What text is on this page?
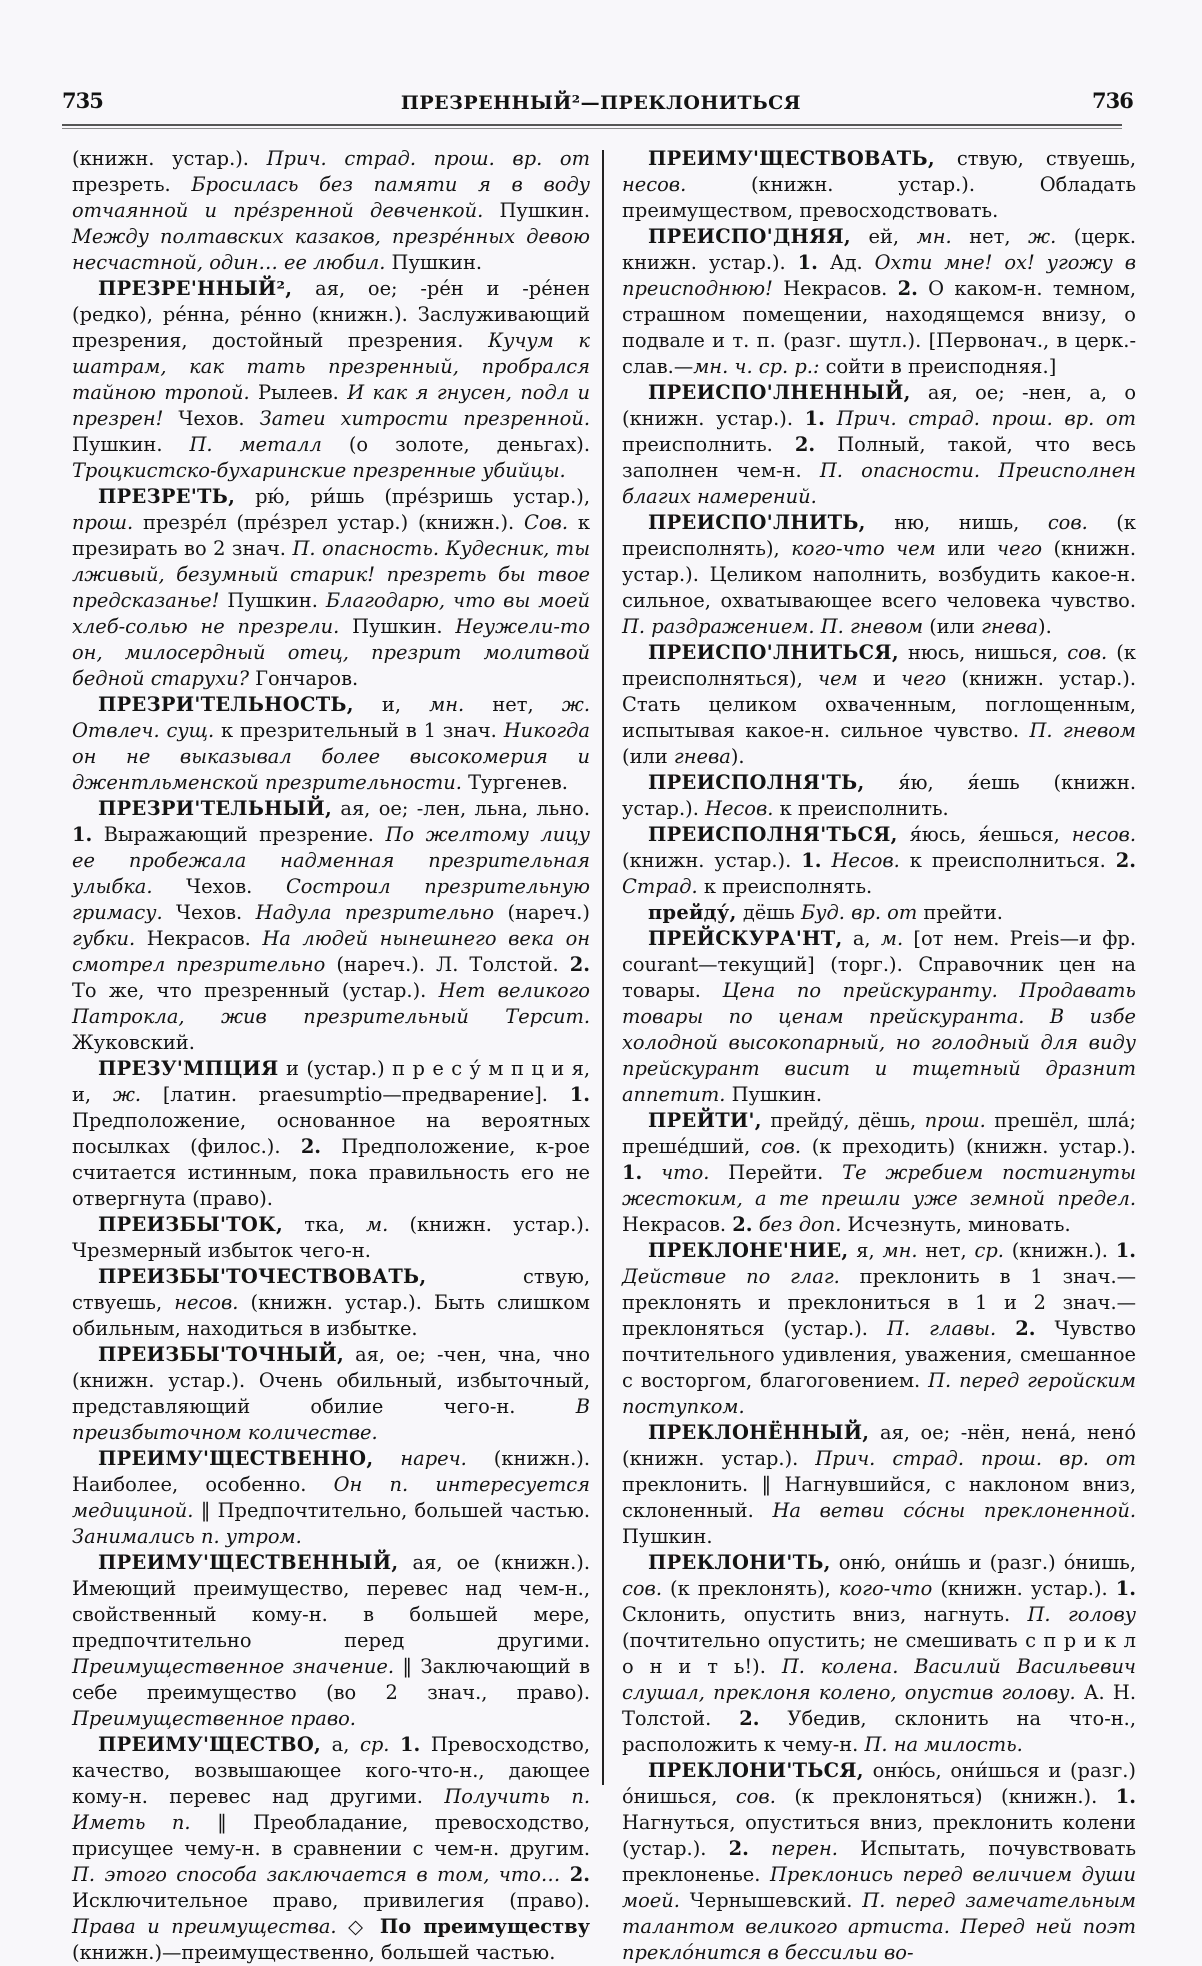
735	ПРЕЗРЕННЫЙ²—ПРЕКЛОНИТЬСЯ	736

(книжн. устар.). Прич. страд. прош. вр. от презреть. Бросилась без памяти я в воду отчаянной и прéзренной девченкой. Пушкин. Между полтавских казаков, презрéнных девою несчастной, один… ее любил. Пушкин.

ПРЕЗРЕ'ННЫЙ², ая, ое; -рéн и -рéнен (редко), рéнна, рéнно (книжн.). Заслуживающий презрения, достойный презрения. Кучум к шатрам, как тать презренный, пробрался тайною тропой. Рылеев. И как я гнусен, подл и презрен! Чехов. Затеи хитрости презренной. Пушкин. П. металл (о золоте, деньгах). Троцкистско-бухаринские презренные убийцы.

ПРЕЗРЕ'ТЬ, рю́, ри́шь (прéзришь устар.), прош. презрéл (прéзрел устар.) (книжн.). Сов. к презирать во 2 знач. П. опасность. Кудесник, ты лживый, безумный старик! презреть бы твое предсказанье! Пушкин. Благодарю, что вы моей хлеб-солью не презрели. Пушкин. Неужели-то он, милосердный отец, презрит молитвой бедной старухи? Гончаров.

ПРЕЗРИ'ТЕЛЬНОСТЬ, и, мн. нет, ж. Отвлеч. сущ. к презрительный в 1 знач. Никогда он не выказывал более высокомерия и джентльменской презрительности. Тургенев.

ПРЕЗРИ'ТЕЛЬНЫЙ, ая, ое; -лен, льна, льно. 1. Выражающий презрение. По желтому лицу ее пробежала надменная презрительная улыбка. Чехов. Состроил презрительную гримасу. Чехов. Надула презрительно (нареч.) губки. Некрасов. На людей нынешнего века он смотрел презрительно (нареч.). Л. Толстой. 2. То же, что презренный (устар.). Нет великого Патрокла, жив презрительный Терсит. Жуковский.

ПРЕЗУ'МПЦИЯ и (устар.) п р е с у́ м п ц и я, и, ж. [латин. praesumptio—предварение]. 1. Предположение, основанное на вероятных посылках (филос.). 2. Предположение, к-рое считается истинным, пока правильность его не отвергнута (право).

ПРЕИЗБЫ'ТОК, тка, м. (книжн. устар.). Чрезмерный избыток чего-н.

ПРЕИЗБЫ'ТОЧЕСТВОВАТЬ, ствую, ствуешь, несов. (книжн. устар.). Быть слишком обильным, находиться в избытке.

ПРЕИЗБЫ'ТОЧНЫЙ, ая, ое; -чен, чна, чно (книжн. устар.). Очень обильный, избыточный, представляющий обилие чего-н. В преизбыточном количестве.

ПРЕИМУ'ЩЕСТВЕННО, нареч. (книжн.). Наиболее, особенно. Он п. интересуется медициной. ‖ Предпочтительно, большей частью. Занимались п. утром.

ПРЕИМУ'ЩЕСТВЕННЫЙ, ая, ое (книжн.). Имеющий преимущество, перевес над чем-н., свойственный кому-н. в большей мере, предпочтительно перед другими. Преимущественное значение. ‖ Заключающий в себе преимущество (во 2 знач., право). Преимущественное право.

ПРЕИМУ'ЩЕСТВО, а, ср. 1. Превосходство, качество, возвышающее кого-что-н., дающее кому-н. перевес над другими. Получить п. Иметь п. ‖ Преобладание, превосходство, присущее чему-н. в сравнении с чем-н. другим. П. этого способа заключается в том, что… 2. Исключительное право, привилегия (право). Права и преимущества. ◇ По преимуществу (книжн.)—преимущественно, большей частью.

ПРЕИМУ'ЩЕСТВОВАТЬ, ствую, ствуешь, несов. (книжн. устар.). Обладать преимуществом, превосходствовать.

ПРЕИСПО'ДНЯЯ, ей, мн. нет, ж. (церк. книжн. устар.). 1. Ад. Охти мне! ох! угожу в преисподнюю! Некрасов. 2. О каком-н. темном, страшном помещении, находящемся внизу, о подвале и т. п. (разг. шутл.). [Первонач., в церк.-слав.—мн. ч. ср. р.: сойти в преисподняя.]

ПРЕИСПО'ЛНЕННЫЙ, ая, ое; -нен, а, о (книжн. устар.). 1. Прич. страд. прош. вр. от преисполнить. 2. Полный, такой, что весь заполнен чем-н. П. опасности. Преисполнен благих намерений.

ПРЕИСПО'ЛНИТЬ, ню, нишь, сов. (к преисполнять), кого-что чем или чего (книжн. устар.). Целиком наполнить, возбудить какое-н. сильное, охватывающее всего человека чувство. П. раздражением. П. гневом (или гнева).

ПРЕИСПО'ЛНИТЬСЯ, нюсь, нишься, сов. (к преисполняться), чем и чего (книжн. устар.). Стать целиком охваченным, поглощенным, испытывая какое-н. сильное чувство. П. гневом (или гнева).

ПРЕИСПОЛНЯ'ТЬ, я́ю, я́ешь (книжн. устар.). Несов. к преисполнить.

ПРЕИСПОЛНЯ'ТЬСЯ, я́юсь, я́ешься, несов. (книжн. устар.). 1. Несов. к преисполниться. 2. Страд. к преисполнять.

прейду́, дёшь Буд. вр. от прейти.

ПРЕЙСКУРА'НТ, а, м. [от нем. Preis—и фр. courant—текущий] (торг.). Справочник цен на товары. Цена по прейскуранту. Продавать товары по ценам прейскуранта. В избе холодной высокопарный, но голодный для виду прейскурант висит и тщетный дразнит аппетит. Пушкин.

ПРЕЙТИ', прейду́, дёшь, прош. прешёл, шла́; прешéдший, сов. (к преходить) (книжн. устар.). 1. что. Перейти. Те жребием постигнуты жестоким, а те прешли уже земной предел. Некрасов. 2. без доп. Исчезнуть, миновать.

ПРЕКЛОНЕ'НИЕ, я, мн. нет, ср. (книжн.). 1. Действие по глаг. преклонить в 1 знач.—преклонять и преклониться в 1 и 2 знач.—преклоняться (устар.). П. главы. 2. Чувство почтительного удивления, уважения, смешанное с восторгом, благоговением. П. перед геройским поступком.

ПРЕКЛОНЁННЫЙ, ая, ое; -нён, нена́, нено́ (книжн. устар.). Прич. страд. прош. вр. от преклонить. ‖ Нагнувшийся, с наклоном вниз, склоненный. На ветви сóсны преклоненной. Пушкин.

ПРЕКЛОНИ'ТЬ, оню́, они́шь и (разг.) óнишь, сов. (к преклонять), кого-что (книжн. устар.). 1. Склонить, опустить вниз, нагнуть. П. голову (почтительно опустить; не смешивать с п р и к л о н и т ь!). П. колена. Василий Васильевич слушал, преклоня колено, опустив голову. А. Н. Толстой. 2. Убедив, склонить на что-н., расположить к чему-н. П. на милость.

ПРЕКЛОНИ'ТЬСЯ, оню́сь, они́шься и (разг.) óнишься, сов. (к преклоняться) (книжн.). 1. Нагнуться, опуститься вниз, преклонить колени (устар.). 2. перен. Испытать, почувствовать преклоненье. Преклонись перед величием души моей. Чернышевский. П. перед замечательным талантом великого артиста. Перед ней поэт преклóнится в бессильи во-
